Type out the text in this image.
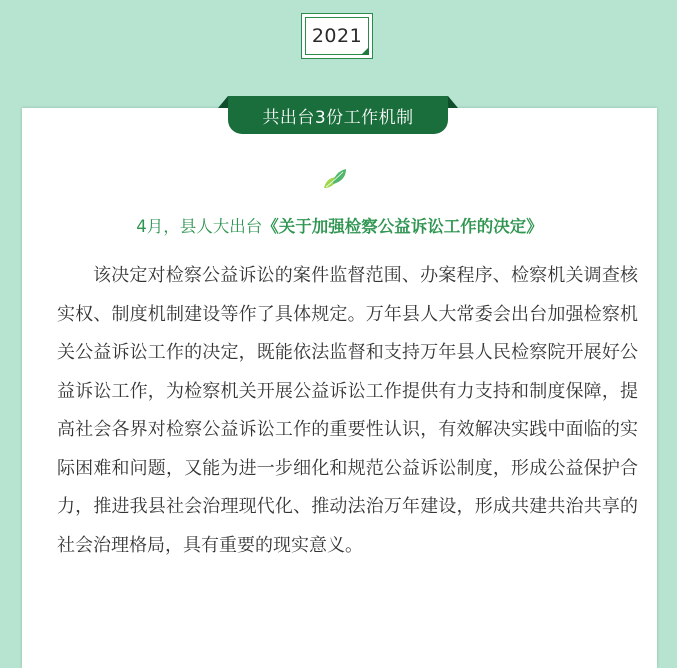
2021
共出台3份工作机制
4月，县人大出台《关于加强检察公益诉讼工作的决定》

该决定对检察公益诉讼的案件监督范围、办案程序、检察机关调查核实权、制度机制建设等作了具体规定。万年县人大常委会出台加强检察机关公益诉讼工作的决定，既能依法监督和支持万年县人民检察院开展好公益诉讼工作，为检察机关开展公益诉讼工作提供有力支持和制度保障，提高社会各界对检察公益诉讼工作的重要性认识，有效解决实践中面临的实际困难和问题，又能为进一步细化和规范公益诉讼制度，形成公益保护合力，推进我县社会治理现代化、推动法治万年建设，形成共建共治共享的社会治理格局，具有重要的现实意义。
